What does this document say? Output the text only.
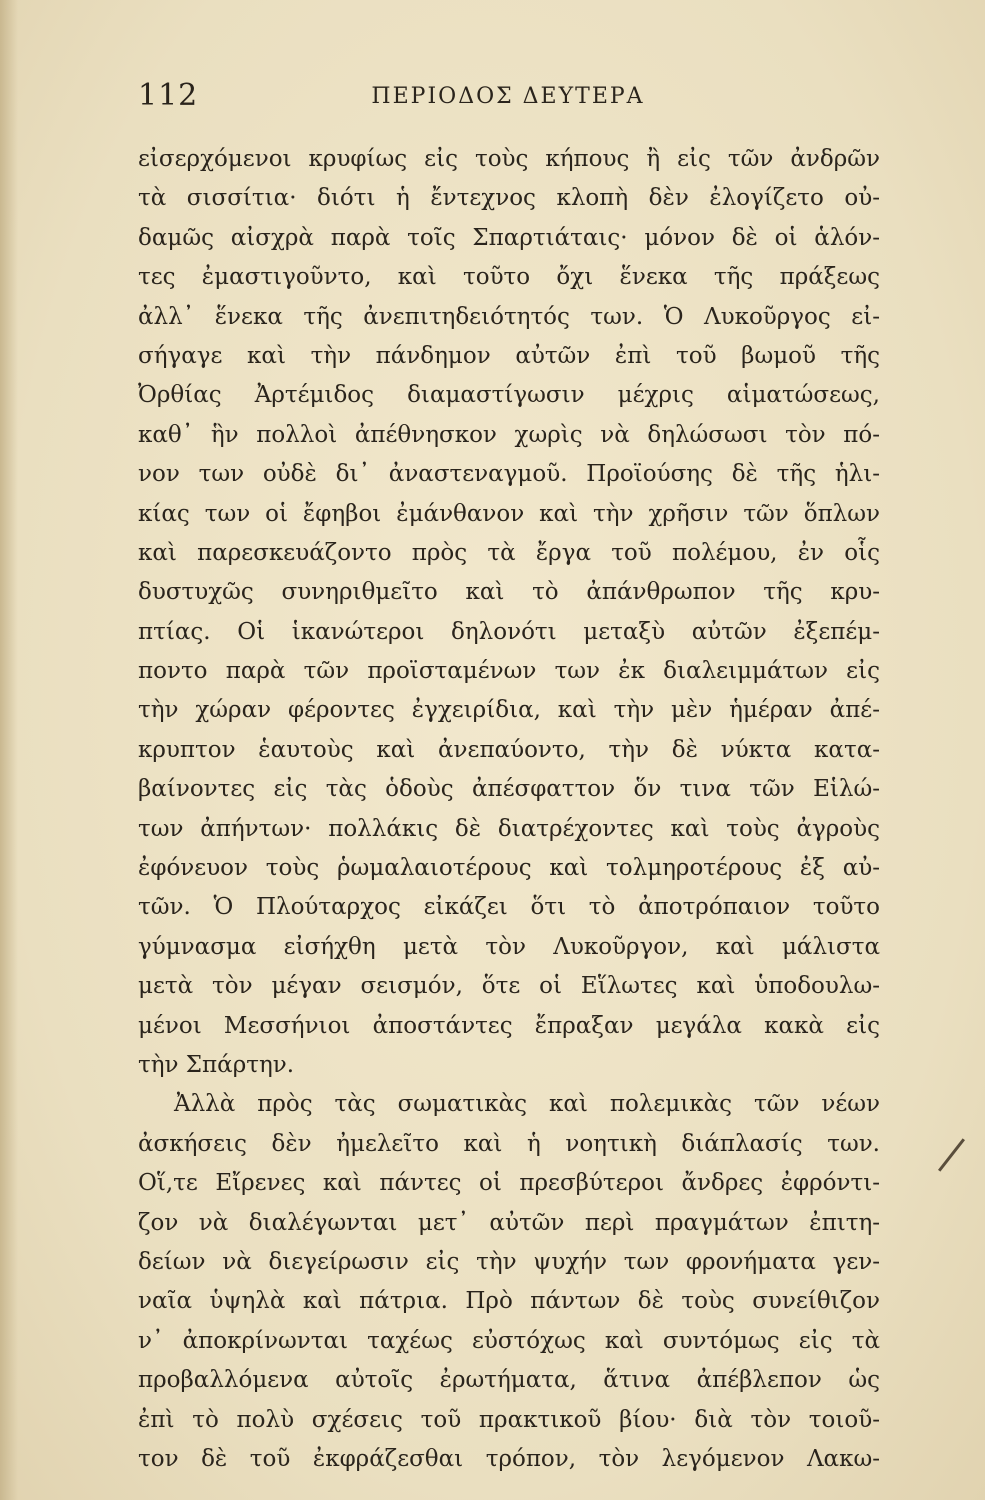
112	ΠΕΡΙΟΔΟΣ ΔΕΥΤΕΡΑ
εἰσερχόμενοι κρυφίως εἰς τοὺς κήπους ἢ εἰς τῶν ἀνδρῶν
τὰ σισσίτια· διότι ἡ ἔντεχνος κλοπὴ δὲν ἐλογίζετο οὐ-
δαμῶς αἰσχρὰ παρὰ τοῖς Σπαρτιάταις· μόνον δὲ οἱ ἁλόν-
τες ἐμαστιγοῦντο, καὶ τοῦτο ὄχι ἕνεκα τῆς πράξεως
ἀλλ᾽ ἕνεκα τῆς ἀνεπιτηδειότητός των. Ὁ Λυκοῦργος εἰ-
σήγαγε καὶ τὴν πάνδημον αὐτῶν ἐπὶ τοῦ βωμοῦ τῆς
Ὀρθίας Ἀρτέμιδος διαμαστίγωσιν μέχρις αἱματώσεως,
καθ᾽ ἣν πολλοὶ ἀπέθνησκον χωρὶς νὰ δηλώσωσι τὸν πό-
νον των οὐδὲ δι᾽ ἀναστεναγμοῦ. Προϊούσης δὲ τῆς ἡλι-
κίας των οἱ ἔφηβοι ἐμάνθανον καὶ τὴν χρῆσιν τῶν ὅπλων
καὶ παρεσκευάζοντο πρὸς τὰ ἔργα τοῦ πολέμου, ἐν οἷς
δυστυχῶς συνηριθμεῖτο καὶ τὸ ἀπάνθρωπον τῆς κρυ-
πτίας. Οἱ ἱκανώτεροι δηλονότι μεταξὺ αὐτῶν ἐξεπέμ-
ποντο παρὰ τῶν προϊσταμένων των ἐκ διαλειμμάτων εἰς
τὴν χώραν φέροντες ἐγχειρίδια, καὶ τὴν μὲν ἡμέραν ἀπέ-
κρυπτον ἑαυτοὺς καὶ ἀνεπαύοντο, τὴν δὲ νύκτα κατα-
βαίνοντες εἰς τὰς ὁδοὺς ἀπέσφαττον ὅν τινα τῶν Εἱλώ-
των ἀπήντων· πολλάκις δὲ διατρέχοντες καὶ τοὺς ἀγροὺς
ἐφόνευον τοὺς ῥωμαλαιοτέρους καὶ τολμηροτέρους ἐξ αὐ-
τῶν. Ὁ Πλούταρχος εἰκάζει ὅτι τὸ ἀποτρόπαιον τοῦτο
γύμνασμα εἰσήχθη μετὰ τὸν Λυκοῦργον, καὶ μάλιστα
μετὰ τὸν μέγαν σεισμόν, ὅτε οἱ Εἵλωτες καὶ ὑποδουλω-
μένοι Μεσσήνιοι ἀποστάντες ἔπραξαν μεγάλα κακὰ εἰς
τὴν Σπάρτην.
Ἀλλὰ πρὸς τὰς σωματικὰς καὶ πολεμικὰς τῶν νέων
ἀσκήσεις δὲν ἠμελεῖτο καὶ ἡ νοητικὴ διάπλασίς των.
Οἵ,τε Εἴρενες καὶ πάντες οἱ πρεσβύτεροι ἄνδρες ἐφρόντι-
ζον νὰ διαλέγωνται μετ᾽ αὐτῶν περὶ πραγμάτων ἐπιτη-
δείων νὰ διεγείρωσιν εἰς τὴν ψυχήν των φρονήματα γεν-
ναῖα ὑψηλὰ καὶ πάτρια. Πρὸ πάντων δὲ τοὺς συνείθιζον
ν᾽ ἀποκρίνωνται ταχέως εὐστόχως καὶ συντόμως εἰς τὰ
προβαλλόμενα αὐτοῖς ἐρωτήματα, ἅτινα ἀπέβλεπον ὡς
ἐπὶ τὸ πολὺ σχέσεις τοῦ πρακτικοῦ βίου· διὰ τὸν τοιοῦ-
τον δὲ τοῦ ἐκφράζεσθαι τρόπον, τὸν λεγόμενον Λακω-
